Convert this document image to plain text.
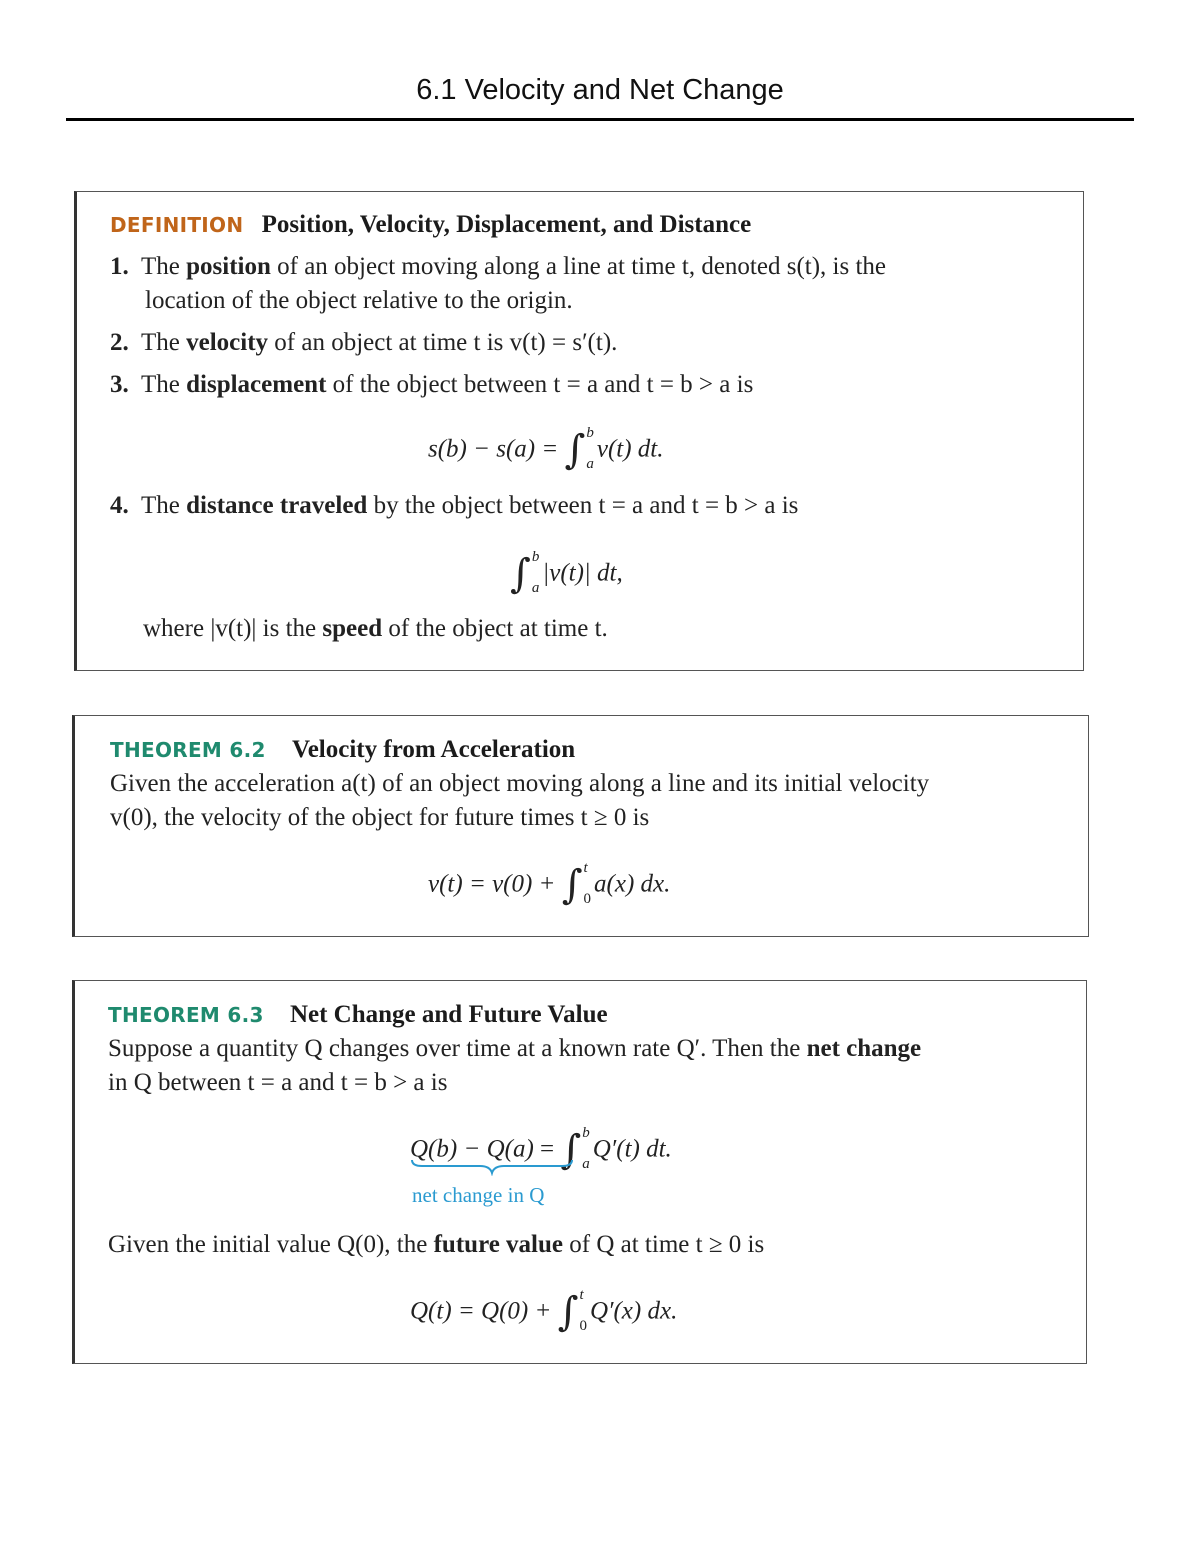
6.1 Velocity and Net Change
DEFINITION Position, Velocity, Displacement, and Distance
1. The position of an object moving along a line at time t, denoted s(t), is the
location of the object relative to the origin.
2. The velocity of an object at time t is v(t) = s′(t).
3. The displacement of the object between t = a and t = b > a is
s(b) − s(a) = ∫ b
a
v(t) dt.
4. The distance traveled by the object between t = a and t = b > a is
∫ b
a
|v(t)| dt,
where |v(t)| is the speed of the object at time t.
THEOREM 6.2 Velocity from Acceleration
Given the acceleration a(t) of an object moving along a line and its initial velocity
v(0), the velocity of the object for future times t ≥ 0 is
v(t) = v(0) + ∫ t
0
a(x) dx.
THEOREM 6.3 Net Change and Future Value
Suppose a quantity Q changes over time at a known rate Q′. Then the net change
in Q between t = a and t = b > a is
Q(b) − Q(a) = ∫ b
a
Q′(t) dt.
net change in Q
Given the initial value Q(0), the future value of Q at time t ≥ 0 is
Q(t) = Q(0) + ∫ t
0
Q′(x) dx.
